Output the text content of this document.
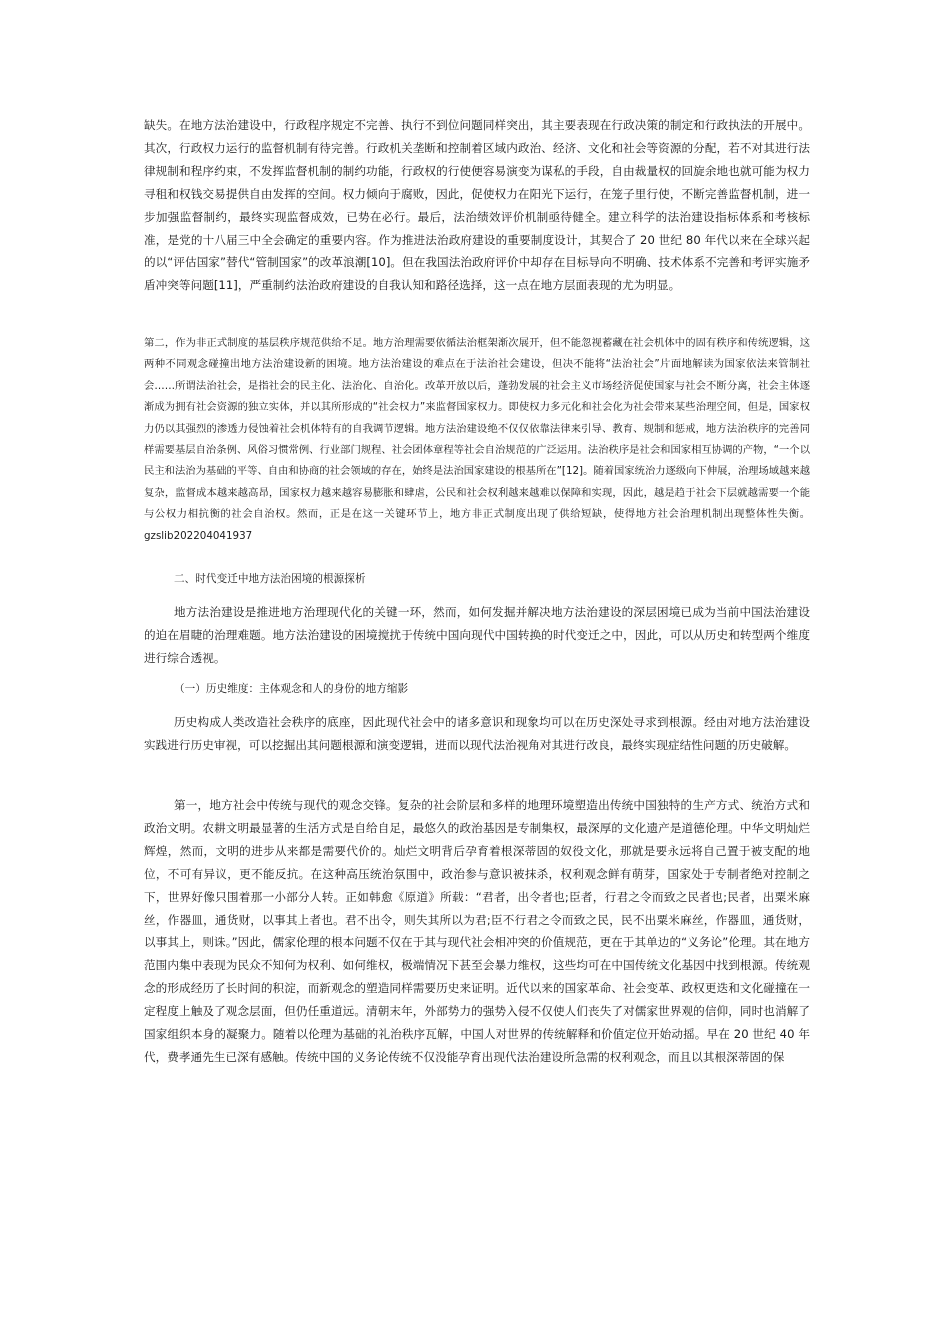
缺失。在地方法治建设中，行政程序规定不完善、执行不到位问题同样突出，其主要表现在行政决策的制定和行政执法的开展中。其次，行政权力运行的监督机制有待完善。行政机关垄断和控制着区域内政治、经济、文化和社会等资源的分配，若不对其进行法律规制和程序约束，不发挥监督机制的制约功能，行政权的行使便容易演变为谋私的手段，自由裁量权的回旋余地也就可能为权力寻租和权钱交易提供自由发挥的空间。权力倾向于腐败，因此，促使权力在阳光下运行，在笼子里行使，不断完善监督机制，进一步加强监督制约，最终实现监督成效，已势在必行。最后，法治绩效评价机制亟待健全。建立科学的法治建设指标体系和考核标准，是党的十八届三中全会确定的重要内容。作为推进法治政府建设的重要制度设计，其契合了 20 世纪 80 年代以来在全球兴起的以“评估国家”替代“管制国家”的改革浪潮[10]。但在我国法治政府评价中却存在目标导向不明确、技术体系不完善和考评实施矛盾冲突等问题[11]，严重制约法治政府建设的自我认知和路径选择，这一点在地方层面表现的尤为明显。

第二，作为非正式制度的基层秩序规范供给不足。地方治理需要依循法治框架渐次展开，但不能忽视蓄藏在社会机体中的固有秩序和传统逻辑，这两种不同观念碰撞出地方法治建设新的困境。地方法治建设的难点在于法治社会建设，但决不能将“法治社会”片面地解读为国家依法来管制社会……所谓法治社会，是指社会的民主化、法治化、自治化。改革开放以后，蓬勃发展的社会主义市场经济促使国家与社会不断分离，社会主体逐渐成为拥有社会资源的独立实体，并以其所形成的“社会权力”来监督国家权力。即使权力多元化和社会化为社会带来某些治理空间，但是，国家权力仍以其强烈的渗透力侵蚀着社会机体特有的自我调节逻辑。地方法治建设绝不仅仅依靠法律来引导、教育、规制和惩戒，地方法治秩序的完善同样需要基层自治条例、风俗习惯常例、行业部门规程、社会团体章程等社会自治规范的广泛运用。法治秩序是社会和国家相互协调的产物，“一个以民主和法治为基础的平等、自由和协商的社会领域的存在，始终是法治国家建设的根基所在”[12]。随着国家统治力逐级向下伸展，治理场域越来越复杂，监督成本越来越高昂，国家权力越来越容易膨胀和肆虐，公民和社会权利越来越难以保障和实现，因此，越是趋于社会下层就越需要一个能与公权力相抗衡的社会自治权。然而，正是在这一关键环节上，地方非正式制度出现了供给短缺，使得地方社会治理机制出现整体性失衡。gzslib202204041937

二、时代变迁中地方法治困境的根源探析

地方法治建设是推进地方治理现代化的关键一环，然而，如何发掘并解决地方法治建设的深层困境已成为当前中国法治建设的迫在眉睫的治理难题。地方法治建设的困境搅扰于传统中国向现代中国转换的时代变迁之中，因此，可以从历史和转型两个维度进行综合透视。

（一）历史维度：主体观念和人的身份的地方缩影

历史构成人类改造社会秩序的底座，因此现代社会中的诸多意识和现象均可以在历史深处寻求到根源。经由对地方法治建设实践进行历史审视，可以挖掘出其问题根源和演变逻辑，进而以现代法治视角对其进行改良，最终实现症结性问题的历史破解。

第一，地方社会中传统与现代的观念交锋。复杂的社会阶层和多样的地理环境塑造出传统中国独特的生产方式、统治方式和政治文明。农耕文明最显著的生活方式是自给自足，最悠久的政治基因是专制集权，最深厚的文化遗产是道德伦理。中华文明灿烂辉煌，然而，文明的进步从来都是需要代价的。灿烂文明背后孕育着根深蒂固的奴役文化，那就是要永远将自己置于被支配的地位，不可有异议，更不能反抗。在这种高压统治氛围中，政治参与意识被抹杀，权利观念鲜有萌芽，国家处于专制者绝对控制之下，世界好像只围着那一小部分人转。正如韩愈《原道》所载：“君者，出令者也;臣者，行君之令而致之民者也;民者，出粟米麻丝，作器皿，通货财，以事其上者也。君不出令，则失其所以为君;臣不行君之令而致之民，民不出粟米麻丝，作器皿，通货财，以事其上，则诛。”因此，儒家伦理的根本问题不仅在于其与现代社会相冲突的价值规范，更在于其单边的“义务论”伦理。其在地方范围内集中表现为民众不知何为权利、如何维权，极端情况下甚至会暴力维权，这些均可在中国传统文化基因中找到根源。传统观念的形成经历了长时间的积淀，而新观念的塑造同样需要历史来证明。近代以来的国家革命、社会变革、政权更迭和文化碰撞在一定程度上触及了观念层面，但仍任重道远。清朝末年，外部势力的强势入侵不仅使人们丧失了对儒家世界观的信仰，同时也消解了国家组织本身的凝聚力。随着以伦理为基础的礼治秩序瓦解，中国人对世界的传统解释和价值定位开始动摇。早在 20 世纪 40 年代，费孝通先生已深有感触。传统中国的义务论传统不仅没能孕育出现代法治建设所急需的权利观念，而且以其根深蒂固的保
